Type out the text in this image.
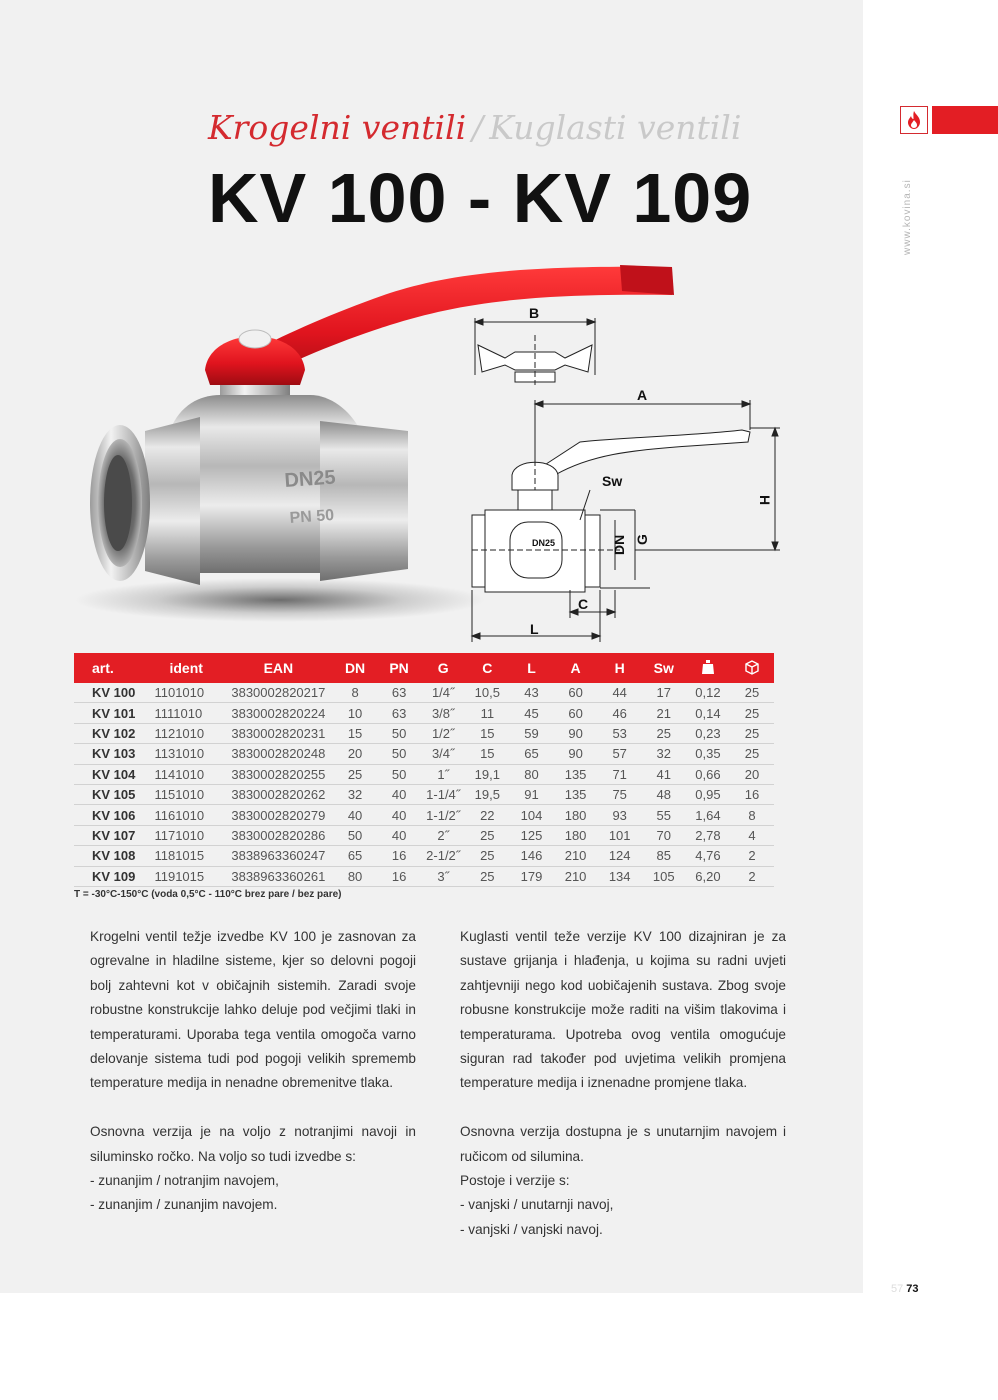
Krogelni ventili / Kuglasti ventili
KV 100 - KV 109	www.kovina.si
DN25
PN 50
B
A
H
Sw
DN G
C
L
DN25
art.	ident	EAN	DN	PN	G	C	L	A	H	Sw		
KV 100	1101010	3830002820217	8	63	1/4˝	10,5	43	60	44	17	0,12	25
KV 101	1111010	3830002820224	10	63	3/8˝	11	45	60	46	21	0,14	25
KV 102	1121010	3830002820231	15	50	1/2˝	15	59	90	53	25	0,23	25
KV 103	1131010	3830002820248	20	50	3/4˝	15	65	90	57	32	0,35	25
KV 104	1141010	3830002820255	25	50	1˝	19,1	80	135	71	41	0,66	20
KV 105	1151010	3830002820262	32	40	1-1/4˝	19,5	91	135	75	48	0,95	16
KV 106	1161010	3830002820279	40	40	1-1/2˝	22	104	180	93	55	1,64	8
KV 107	1171010	3830002820286	50	40	2˝	25	125	180	101	70	2,78	4
KV 108	1181015	3838963360247	65	16	2-1/2˝	25	146	210	124	85	4,76	2
KV 109	1191015	3838963360261	80	16	3˝	25	179	210	134	105	6,20	2
T = -30°C-150°C (voda 0,5°C - 110°C brez pare / bez pare)

Krogelni ventil težje izvedbe KV 100 je zasnovan za ogrevalne in hladilne sisteme, kjer so delovni pogoji bolj zahtevni kot v običajnih sistemih. Zaradi svoje robustne konstrukcije lahko deluje pod večjimi tlaki in temperaturami. Uporaba tega ventila omogoča varno delovanje sistema tudi pod pogoji velikih sprememb temperature medija in nenadne obremenitve tlaka.

Osnovna verzija je na voljo z notranjimi navoji in siluminsko ročko. Na voljo so tudi izvedbe s:

- zunanjim / notranjim navojem,
- zunanjim / zunanjim navojem.

Kuglasti ventil teže verzije KV 100 dizajniran je za sustave grijanja i hlađenja, u kojima su radni uvjeti zahtjevniji nego kod uobičajenih sustava. Zbog svoje robusne konstrukcije može raditi na višim tlakovima i temperaturama. Upotreba ovog ventila omogućuje siguran rad također pod uvjetima velikih promjena temperature medija i iznenadne promjene tlaka.

Osnovna verzija dostupna je s unutarnjim navojem i ručicom od silumina.

Postoje i verzije s:
- vanjski / unutarnji navoj,
- vanjski / vanjski navoj.
57 73
